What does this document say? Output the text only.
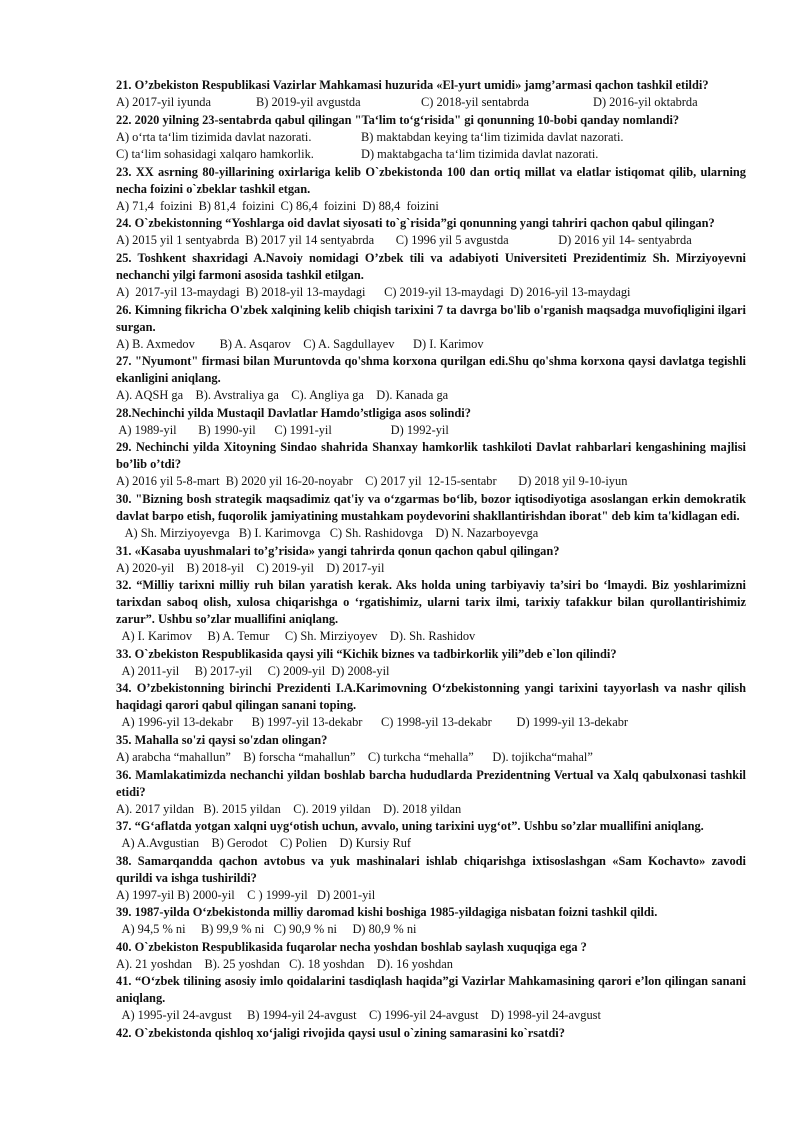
21. O’zbekiston Respublikasi Vazirlar Mahkamasi huzurida «El-yurt umidi» jamg’armasi qachon tashkil etildi?

A) 2017-yil iyunda	B) 2019-yil avgustda	C) 2018-yil sentabrda	D) 2016-yil oktabrda

22. 2020 yilning 23-sentabrda qabul qilingan "Ta‘lim to‘g‘risida" gi qonunning 10-bobi qanday nomlandi?

A) o‘rta ta‘lim tizimida davlat nazorati.	B) maktabdan keying ta‘lim tizimida davlat nazorati.
C) ta‘lim sohasidagi xalqaro hamkorlik.	D) maktabgacha ta‘lim tizimida davlat nazorati.

23. XX asrning 80-yillarining oxirlariga kelib O`zbekistonda 100 dan ortiq millat va elatlar istiqomat qilib, ularning necha foizini o`zbeklar tashkil etgan.

A) 71,4  foizini  B) 81,4  foizini  C) 86,4  foizini  D) 88,4  foizini

24. O`zbekistonning “Yoshlarga oid davlat siyosati to`g`risida”gi qonunning yangi tahriri qachon qabul qilingan?

A) 2015 yil 1 sentyabrda  B) 2017 yil 14 sentyabrda       C) 1996 yil 5 avgustda                D) 2016 yil 14- sentyabrda

25. Toshkent shaxridagi A.Navoiy nomidagi O’zbek tili va adabiyoti Universiteti Prezidentimiz Sh. Mirziyoyevni nechanchi yilgi farmoni asosida tashkil etilgan.

A)  2017-yil 13-maydagi  B) 2018-yil 13-maydagi      C) 2019-yil 13-maydagi  D) 2016-yil 13-maydagi

26. Kimning fikricha O'zbek xalqining kelib chiqish tarixini 7 ta davrga bo'lib o'rganish maqsadga muvofiqligini ilgari surgan.

A) B. Axmedov        B) A. Asqarov    C) A. Sagdullayev      D) I. Karimov

27. "Nyumont" firmasi bilan Muruntovda qo'shma korxona qurilgan edi.Shu qo'shma korxona qaysi davlatga tegishli ekanligini aniqlang.

A). AQSH ga    B). Avstraliya ga    C). Angliya ga    D). Kanada ga

28.Nechinchi yilda Mustaqil Davlatlar Hamdo’stligiga asos solindi?

A) 1989-yil       B) 1990-yil      C) 1991-yil                   D) 1992-yil

29. Nechinchi yilda Xitoyning Sindao shahrida Shanxay hamkorlik tashkiloti Davlat rahbarlari kengashining majlisi bo’lib o’tdi?

A) 2016 yil 5-8-mart  B) 2020 yil 16-20-noyabr    C) 2017 yil  12-15-sentabr       D) 2018 yil 9-10-iyun

30. "Bizning bosh strategik maqsadimiz qat'iy va o‘zgarmas bo‘lib, bozor iqtisodiyotiga asoslangan erkin demokratik davlat barpo etish, fuqorolik jamiyatining mustahkam poydevorini shakllantirishdan iborat" deb kim ta'kidlagan edi.

A) Sh. Mirziyoyevga   B) I. Karimovga   C) Sh. Rashidovga    D) N. Nazarboyevga

31. «Kasaba uyushmalari to’g’risida» yangi tahrirda qonun qachon qabul qilingan?

A) 2020-yil    B) 2018-yil    C) 2019-yil    D) 2017-yil

32. “Milliy tarixni milliy ruh bilan yaratish kerak. Aks holda uning tarbiyaviy ta’siri bo ‘lmaydi. Biz yoshlarimizni tarixdan saboq olish, xulosa chiqarishga o ‘rgatishimiz, ularni tarix ilmi, tarixiy tafakkur bilan qurollantirishimiz zarur”. Ushbu so’zlar muallifini aniqlang.

A) I. Karimov     B) A. Temur     C) Sh. Mirziyoyev    D). Sh. Rashidov

33. O`zbekiston Respublikasida qaysi yili “Kichik biznes va tadbirkorlik yili”deb e`lon qilindi?

A) 2011-yil     B) 2017-yil     C) 2009-yil  D) 2008-yil

34. O’zbekistonning birinchi Prezidenti I.A.Karimovning O‘zbekistonning yangi tarixini tayyorlash va nashr qilish haqidagi qarori qabul qilingan sanani toping.

A) 1996-yil 13-dekabr      B) 1997-yil 13-dekabr      C) 1998-yil 13-dekabr        D) 1999-yil 13-dekabr

35. Mahalla so'zi qaysi so'zdan olingan?

A) arabcha “mahallun”    B) forscha “mahallun”    C) turkcha “mehalla”      D). tojikcha“mahal”

36. Mamlakatimizda nechanchi yildan boshlab barcha hududlarda Prezidentning Vertual va Xalq qabulxonasi tashkil etidi?

A). 2017 yildan   B). 2015 yildan    C). 2019 yildan    D). 2018 yildan

37. “G‘aflatda yotgan xalqni uyg‘otish uchun, avvalo, uning tarixini uyg‘ot”. Ushbu so’zlar muallifini aniqlang.

A) A.Avgustian    B) Gerodot    C) Polien    D) Kursiy Ruf

38. Samarqandda qachon avtobus va yuk mashinalari ishlab chiqarishga ixtisoslashgan «Sam Kochavto» zavodi qurildi va ishga tushirildi?

A) 1997-yil B) 2000-yil    C ) 1999-yil   D) 2001-yil

39. 1987-yilda O‘zbekistonda milliy daromad kishi boshiga 1985-yildagiga nisbatan foizni tashkil qildi.

A) 94,5 % ni     B) 99,9 % ni   C) 90,9 % ni     D) 80,9 % ni

40. O`zbekiston Respublikasida fuqarolar necha yoshdan boshlab saylash xuquqiga ega ?

A). 21 yoshdan    B). 25 yoshdan   C). 18 yoshdan    D). 16 yoshdan

41. “O‘zbek tilining asosiy imlo qoidalarini tasdiqlash haqida”gi Vazirlar Mahkamasining qarori e’lon qilingan sanani aniqlang.

A) 1995-yil 24-avgust     B) 1994-yil 24-avgust    C) 1996-yil 24-avgust    D) 1998-yil 24-avgust

42. O`zbekistonda qishloq xo‘jaligi rivojida qaysi usul o`zining samarasini ko`rsatdi?
